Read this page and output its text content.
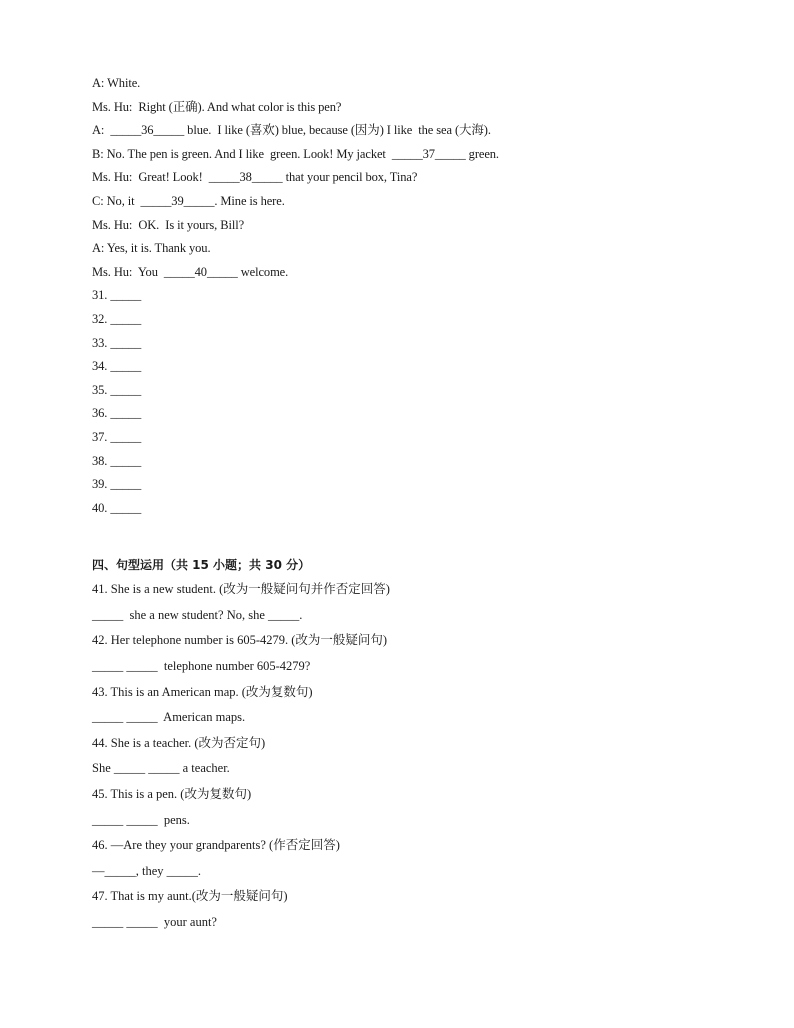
A: White.
Ms. Hu:  Right (正确). And what color is this pen?
A:  _____36_____ blue.  I like (喜欢) blue, because (因为) I like  the sea (大海).
B: No. The pen is green. And I like  green. Look! My jacket  _____37_____ green.
Ms. Hu:  Great! Look!  _____38_____ that your pencil box, Tina?
C: No, it  _____39_____. Mine is here.
Ms. Hu:  OK.  Is it yours, Bill?
A: Yes, it is. Thank you.
Ms. Hu:  You  _____40_____ welcome.
31. _____
32. _____
33. _____
34. _____
35. _____
36. _____
37. _____
38. _____
39. _____
40. _____
四、句型运用（共 15 小题；共 30 分）
41. She is a new student. (改为一般疑问句并作否定回答)
_____  she a new student? No, she _____.
42. Her telephone number is 605-4279. (改为一般疑问句)
_____ _____  telephone number 605-4279?
43. This is an American map. (改为复数句)
_____ _____  American maps.
44. She is a teacher. (改为否定句)
She _____ _____ a teacher.
45. This is a pen. (改为复数句)
_____ _____  pens.
46. —Are they your grandparents? (作否定回答)
—_____, they _____.
47. That is my aunt.(改为一般疑问句)
_____ _____  your aunt?
